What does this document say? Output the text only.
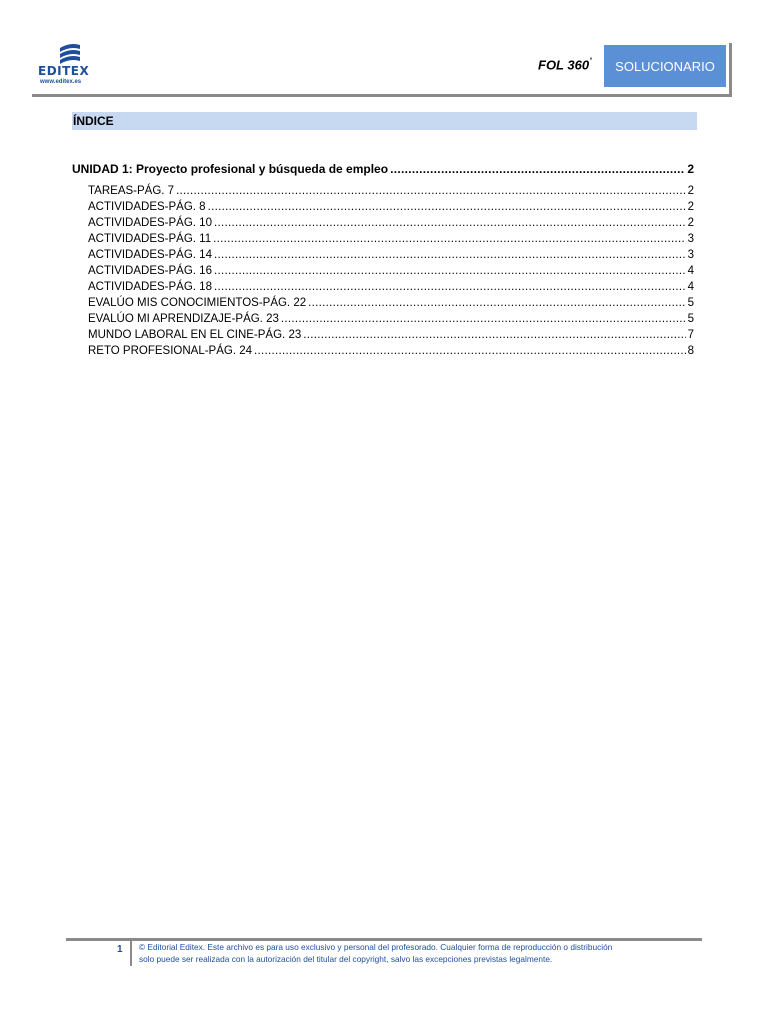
EDITEX
www.editex.es
FOL 360˚	SOLUCIONARIO
ÍNDICE
UNIDAD 1: Proyecto profesional y búsqueda de empleo .....	2
TAREAS-PÁG. 7 .....	2
ACTIVIDADES-PÁG. 8 .....	2
ACTIVIDADES-PÁG. 10 .....	2
ACTIVIDADES-PÁG. 11 .....	3
ACTIVIDADES-PÁG. 14 .....	3
ACTIVIDADES-PÁG. 16 .....	4
ACTIVIDADES-PÁG. 18 .....	4
EVALÚO MIS CONOCIMIENTOS-PÁG. 22 .....	5
EVALÚO MI APRENDIZAJE-PÁG. 23 .....	5
MUNDO LABORAL EN EL CINE-PÁG. 23 .....	7
RETO PROFESIONAL-PÁG. 24 .....	8
1 © Editorial Editex. Este archivo es para uso exclusivo y personal del profesorado. Cualquier forma de reproducción o distribución
solo puede ser realizada con la autorización del titular del copyright, salvo las excepciones previstas legalmente.
